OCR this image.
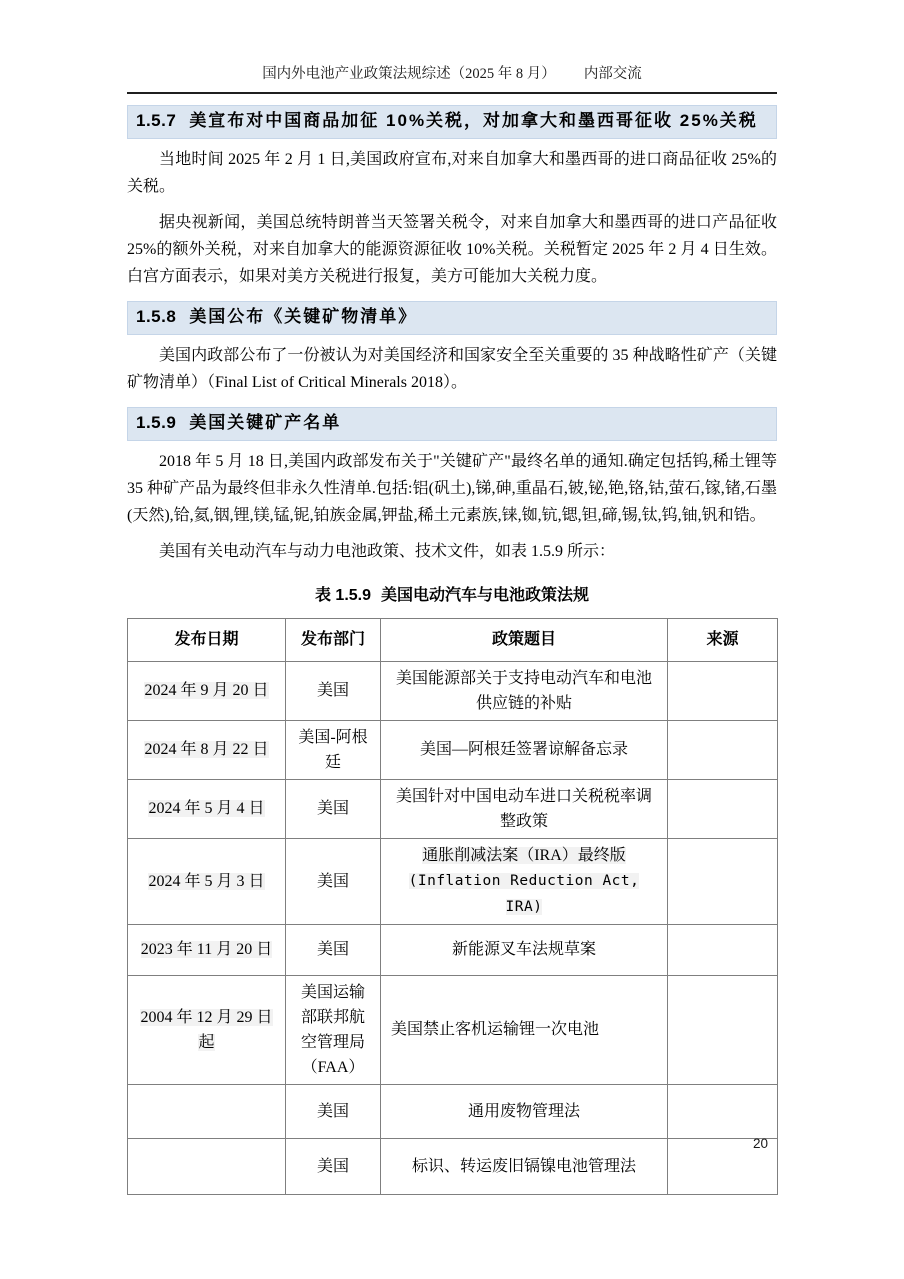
国内外电池产业政策法规综述（2025 年 8 月） 内部交流
1.5.7 美宣布对中国商品加征 10%关税，对加拿大和墨西哥征收 25%关税

当地时间 2025 年 2 月 1 日,美国政府宣布,对来自加拿大和墨西哥的进口商品征收 25%的关税。

据央视新闻，美国总统特朗普当天签署关税令，对来自加拿大和墨西哥的进口产品征收 25%的额外关税，对来自加拿大的能源资源征收 10%关税。关税暂定 2025 年 2 月 4 日生效。白宫方面表示，如果对美方关税进行报复，美方可能加大关税力度。

1.5.8 美国公布《关键矿物清单》

美国内政部公布了一份被认为对美国经济和国家安全至关重要的 35 种战略性矿产（关键矿物清单）（Final List of Critical Minerals 2018）。

1.5.9 美国关键矿产名单

2018 年 5 月 18 日,美国内政部发布关于"关键矿产"最终名单的通知.确定包括钨,稀土锂等 35 种矿产品为最终但非永久性清单.包括:铝(矾土),锑,砷,重晶石,铍,铋,铯,铬,钴,萤石,镓,锗,石墨(天然),铪,氦,铟,锂,镁,锰,铌,铂族金属,钾盐,稀土元素族,铼,铷,钪,锶,钽,碲,锡,钛,钨,铀,钒和锆。

美国有关电动汽车与动力电池政策、技术文件，如表 1.5.9 所示：

表 1.5.9 美国电动汽车与电池政策法规
发布日期	发布部门	政策题目	来源
2024 年 9 月 20 日	美国	美国能源部关于支持电动汽车和电池供应链的补贴	
2024 年 8 月 22 日	美国-阿根廷	美国—阿根廷签署谅解备忘录	
2024 年 5 月 4 日	美国	美国针对中国电动车进口关税税率调整政策	
2024 年 5 月 3 日	美国	通胀削减法案（IRA）最终版
(Inflation Reduction Act, IRA)	
2023 年 11 月 20 日	美国	新能源叉车法规草案	
2004 年 12 月 29 日起	美国运输部联邦航空管理局（FAA）	美国禁止客机运输锂一次电池	
	美国	通用废物管理法	
	美国	标识、转运废旧镉镍电池管理法	
20
